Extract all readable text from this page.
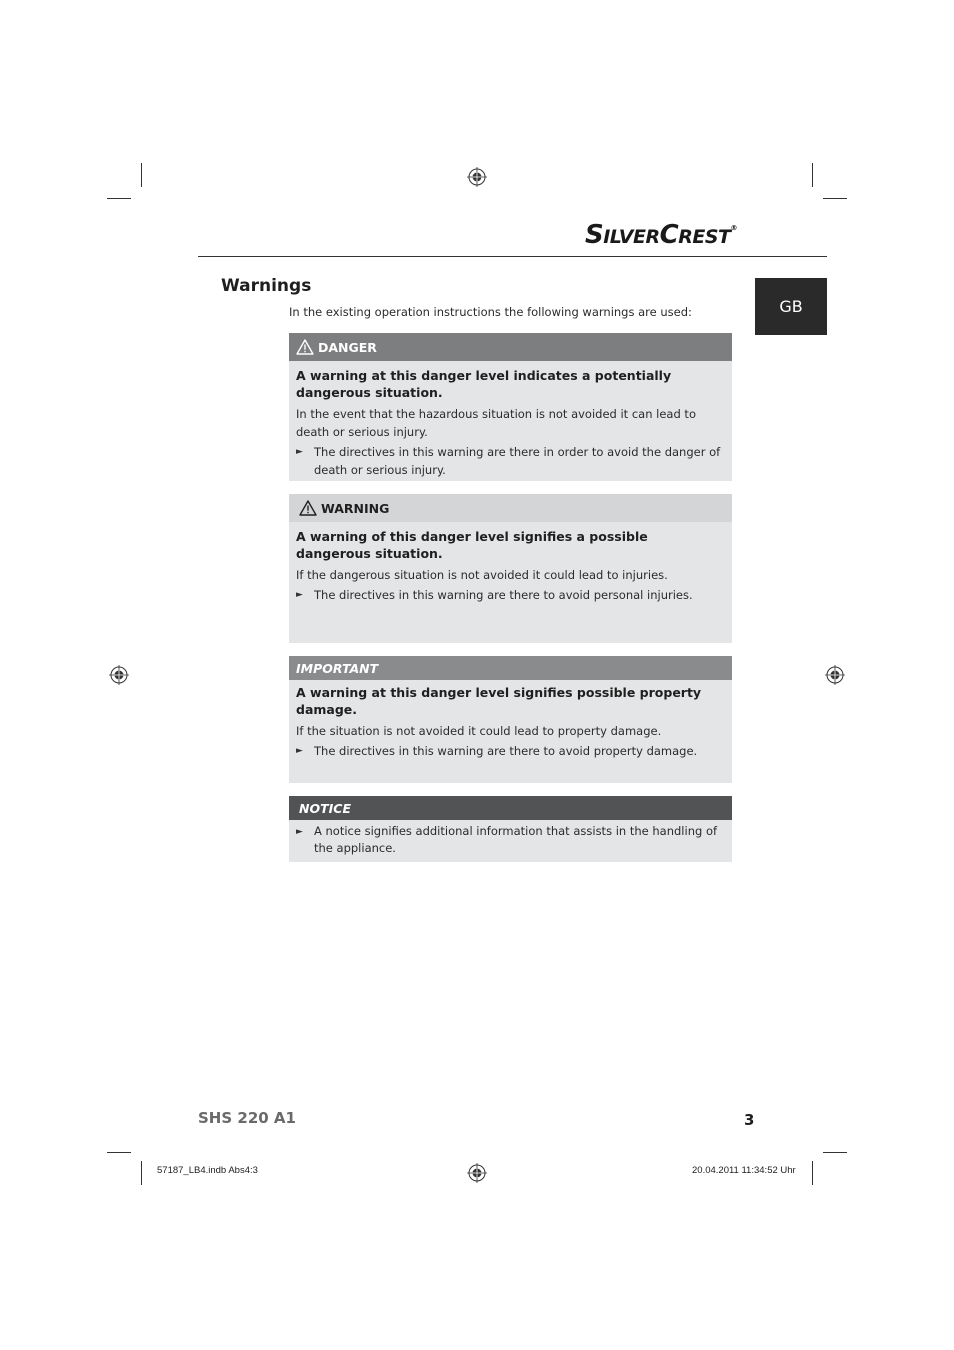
SILVERCREST®
GB
Warnings
In the existing operation instructions the following warnings are used:
DANGER
A warning at this danger level indicates a potentially dangerous situation.
In the event that the hazardous situation is not avoided it can lead to death or serious injury.
► The directives in this warning are there in order to avoid the danger of death or serious injury.
WARNING
A warning of this danger level signifies a possible dangerous situation.
If the dangerous situation is not avoided it could lead to injuries.
► The directives in this warning are there to avoid personal injuries.
IMPORTANT
A warning at this danger level signifies possible property damage.
If the situation is not avoided it could lead to property damage.
► The directives in this warning are there to avoid property damage.
NOTICE
► A notice signifies additional information that assists in the handling of the appliance.
SHS 220 A1	3
57187_LB4.indb Abs4:3	20.04.2011 11:34:52 Uhr
